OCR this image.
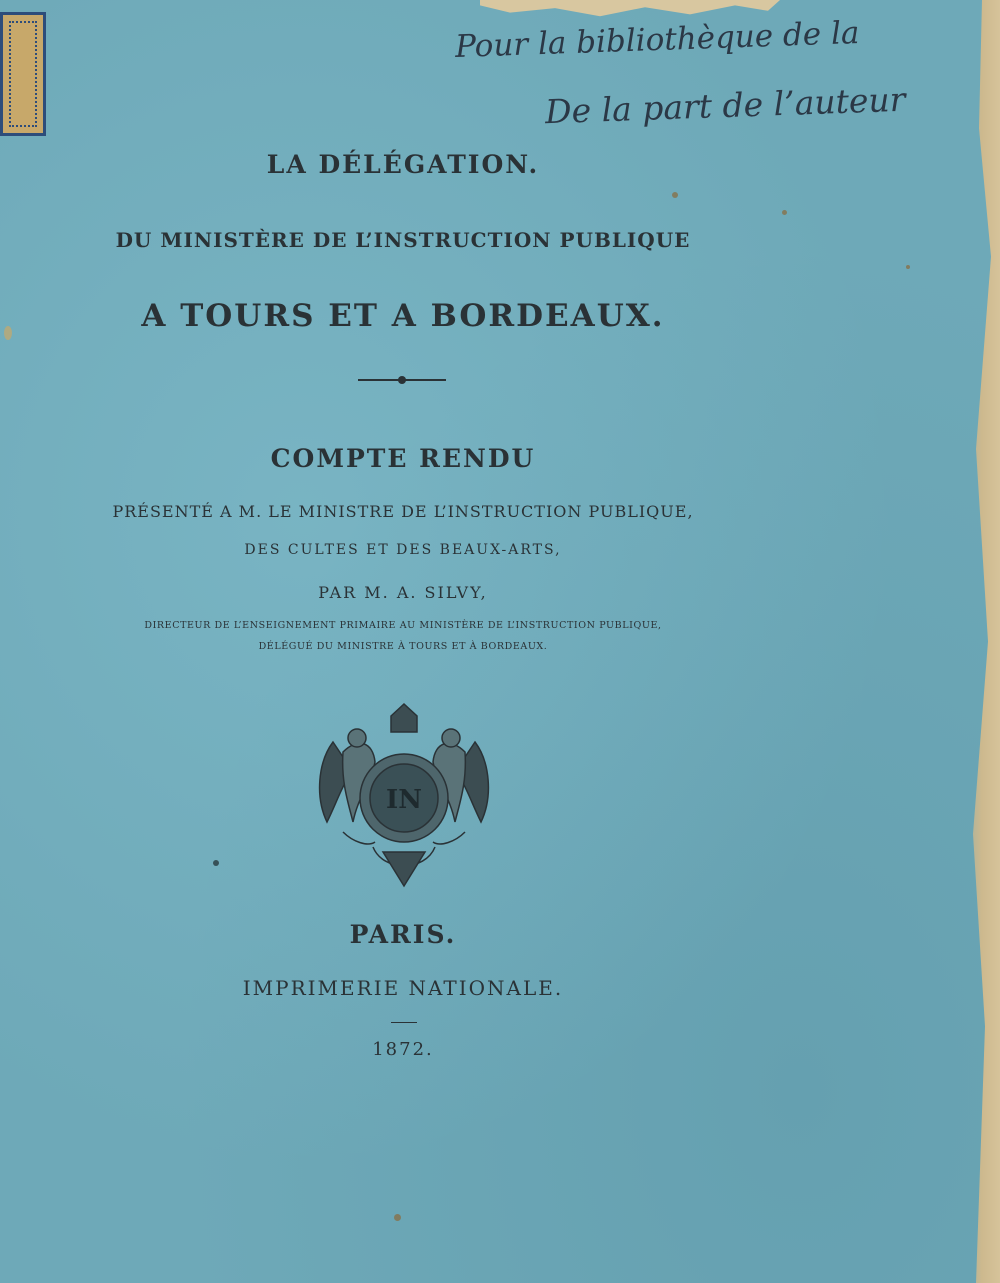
Pour la bibliothèque de la
De la part de l’auteur
LA DÉLÉGATION.
DU MINISTÈRE DE L’INSTRUCTION PUBLIQUE
A TOURS ET A BORDEAUX.
COMPTE RENDU
PRÉSENTÉ A M. LE MINISTRE DE L’INSTRUCTION PUBLIQUE,
DES CULTES ET DES BEAUX-ARTS,
PAR M. A. SILVY,
DIRECTEUR DE L’ENSEIGNEMENT PRIMAIRE AU MINISTÈRE DE L’INSTRUCTION PUBLIQUE,
DÉLÉGUÉ DU MINISTRE À TOURS ET À BORDEAUX.
IN
PARIS.
IMPRIMERIE NATIONALE.
1872.
